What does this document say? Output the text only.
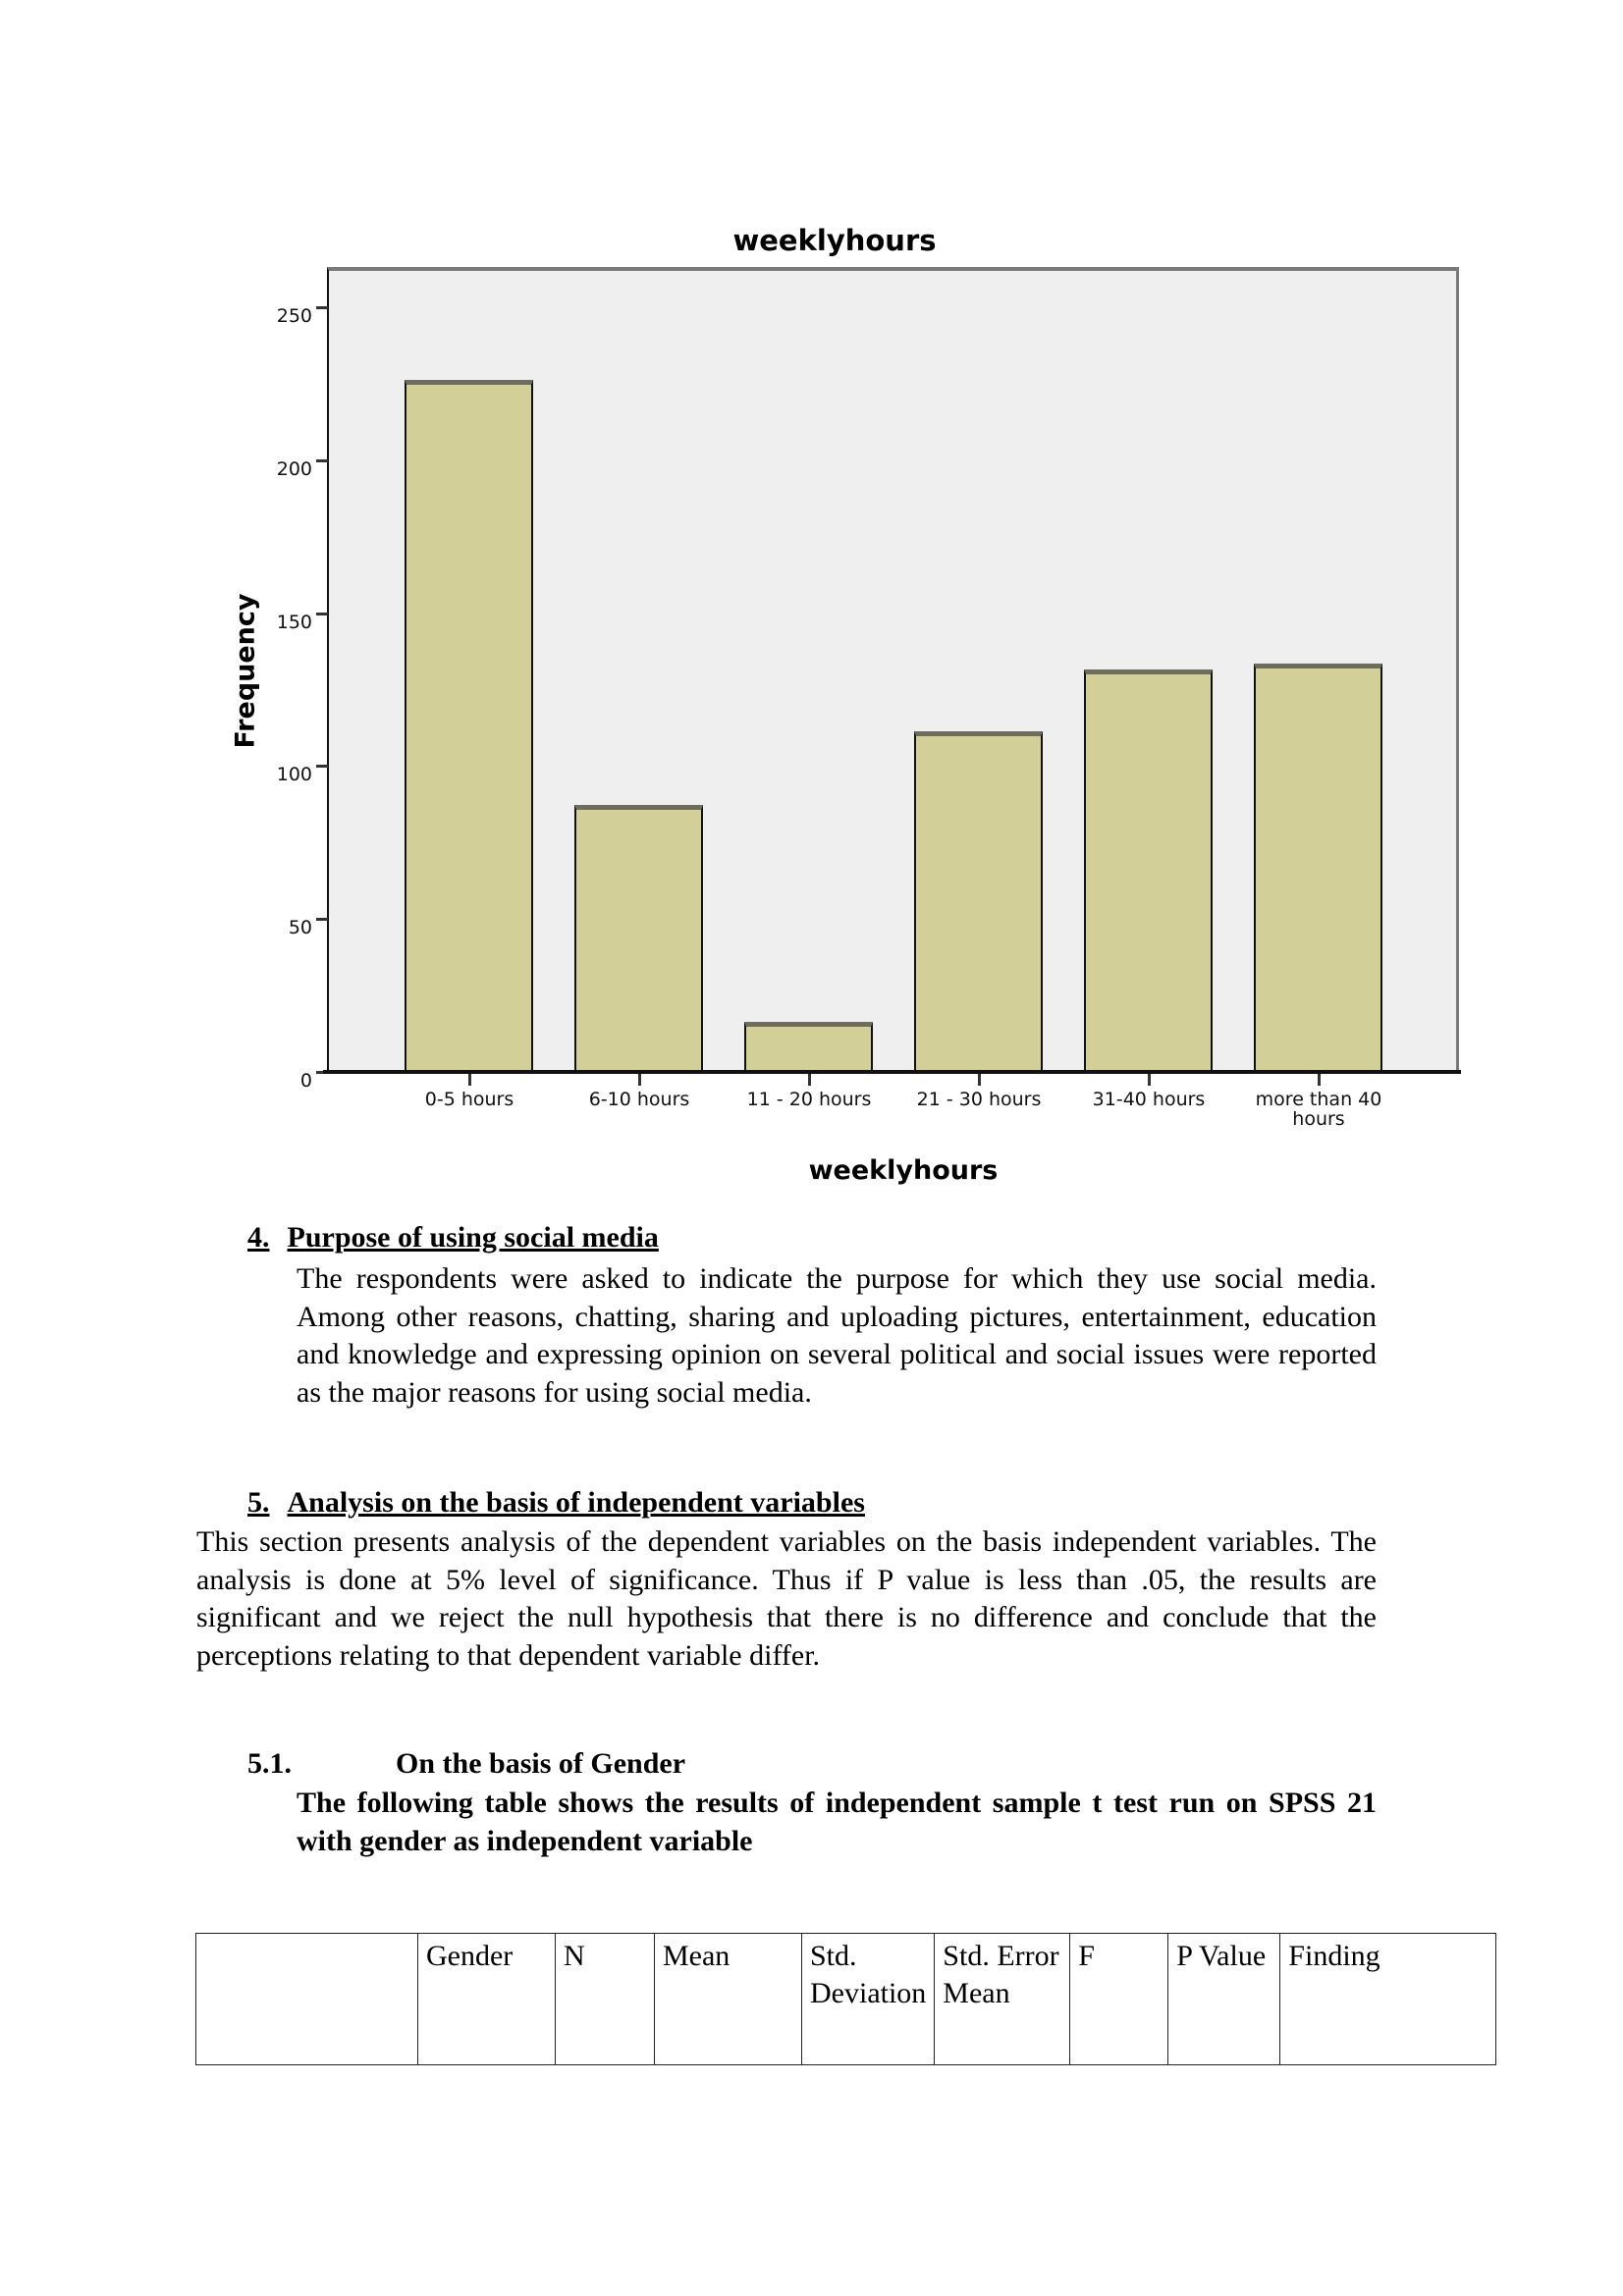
weeklyhours
0
50
100
150
200
250
Frequency
0-5 hours	6-10 hours	11 - 20 hours	21 - 30 hours	31-40 hours	more than 40 hours
weeklyhours
4. Purpose of using social media
The respondents were asked to indicate the purpose for which they use social media. Among other reasons, chatting, sharing and uploading pictures, entertainment, education and knowledge and expressing opinion on several political and social issues were reported as the major reasons for using social media.
5. Analysis on the basis of independent variables
This section presents analysis of the dependent variables on the basis independent variables. The analysis is done at 5% level of significance. Thus if P value is less than .05, the results are significant and we reject the null hypothesis that there is no difference and conclude that the perceptions relating to that dependent variable differ.
5.1.	On the basis of Gender
The following table shows the results of independent sample t test run on SPSS 21 with gender as independent variable
	Gender	N	Mean	Std. Deviation	Std. Error Mean	F	P Value	Finding
